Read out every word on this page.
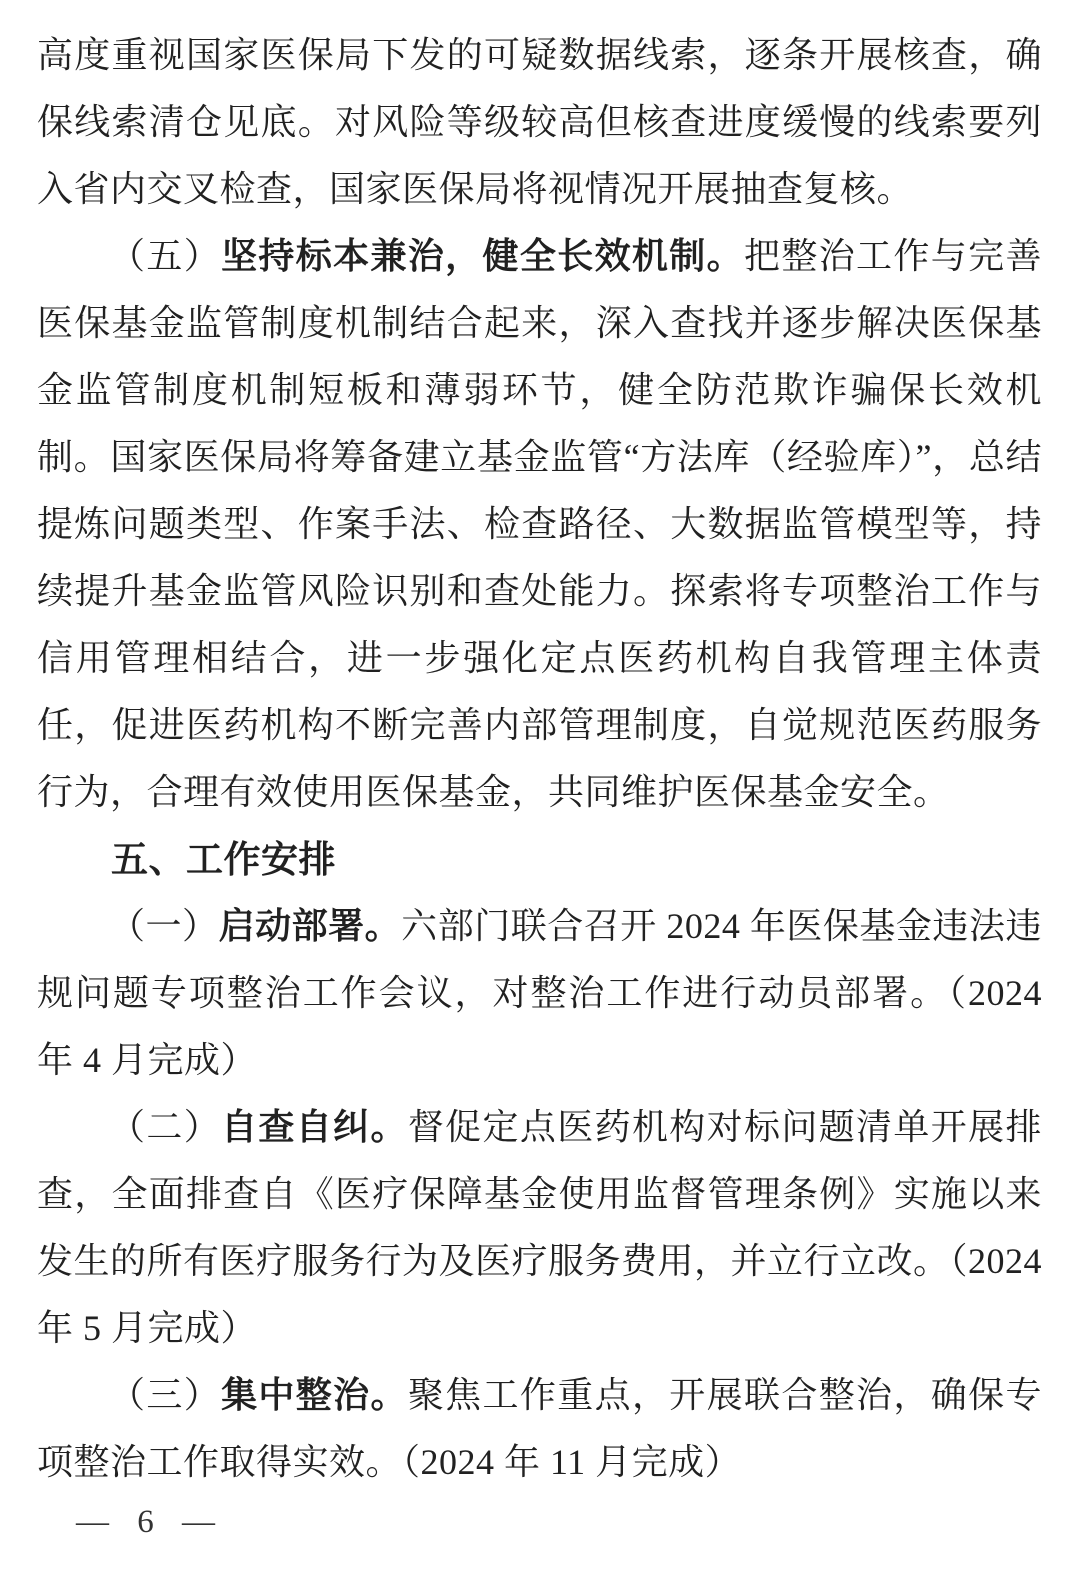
高度重视国家医保局下发的可疑数据线索，逐条开展核查，确保线索清仓见底。对风险等级较高但核查进度缓慢的线索要列入省内交叉检查，国家医保局将视情况开展抽查复核。

（五）坚持标本兼治，健全长效机制。把整治工作与完善医保基金监管制度机制结合起来，深入查找并逐步解决医保基金监管制度机制短板和薄弱环节，健全防范欺诈骗保长效机制。国家医保局将筹备建立基金监管“方法库（经验库）”，总结提炼问题类型、作案手法、检查路径、大数据监管模型等，持续提升基金监管风险识别和查处能力。探索将专项整治工作与信用管理相结合，进一步强化定点医药机构自我管理主体责任，促进医药机构不断完善内部管理制度，自觉规范医药服务行为，合理有效使用医保基金，共同维护医保基金安全。

五、工作安排

（一）启动部署。六部门联合召开 2024 年医保基金违法违规问题专项整治工作会议，对整治工作进行动员部署。（2024 年 4 月完成）

（二）自查自纠。督促定点医药机构对标问题清单开展排查，全面排查自《医疗保障基金使用监督管理条例》实施以来发生的所有医疗服务行为及医疗服务费用，并立行立改。（2024 年 5 月完成）

（三）集中整治。聚焦工作重点，开展联合整治，确保专项整治工作取得实效。（2024 年 11 月完成）

— 6 —
